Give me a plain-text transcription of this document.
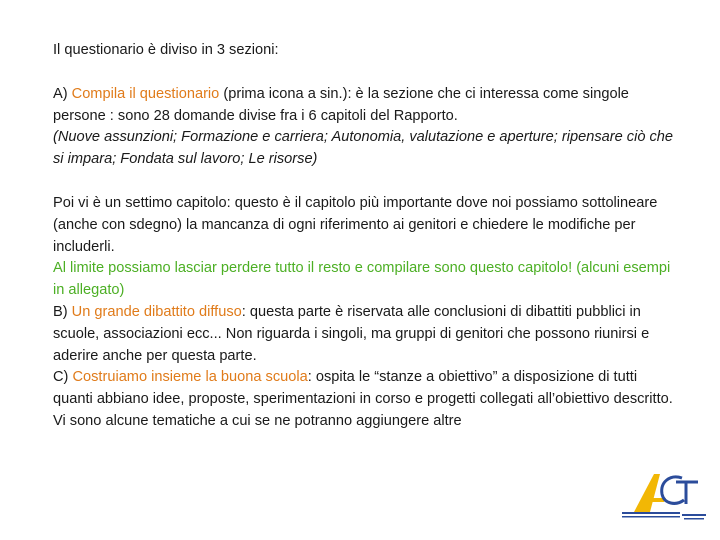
Il questionario è diviso in 3 sezioni:

A) Compila il questionario (prima icona a sin.): è la sezione che ci interessa come singole persone : sono 28 domande divise fra i 6 capitoli del Rapporto.
(Nuove assunzioni; Formazione e carriera; Autonomia, valutazione e aperture; ripensare ciò che si impara; Fondata sul lavoro; Le risorse)

Poi vi è un settimo capitolo: questo è il capitolo più importante dove noi possiamo sottolineare (anche con sdegno) la mancanza di ogni riferimento ai genitori e chiedere le modifiche per includerli.

Al limite possiamo lasciar perdere tutto il resto e compilare sono questo capitolo! (alcuni esempi in allegato)

B) Un grande dibattito diffuso: questa parte è riservata alle conclusioni di dibattiti pubblici in scuole, associazioni ecc... Non riguarda i singoli, ma gruppi di genitori che possono riunirsi e aderire anche per questa parte.

C) Costruiamo insieme la buona scuola: ospita le “stanze a obiettivo” a disposizione di tutti quanti abbiano idee, proposte, sperimentazioni in corso e progetti collegati all’obiettivo descritto. Vi sono alcune tematiche a cui se ne potranno aggiungere altre
